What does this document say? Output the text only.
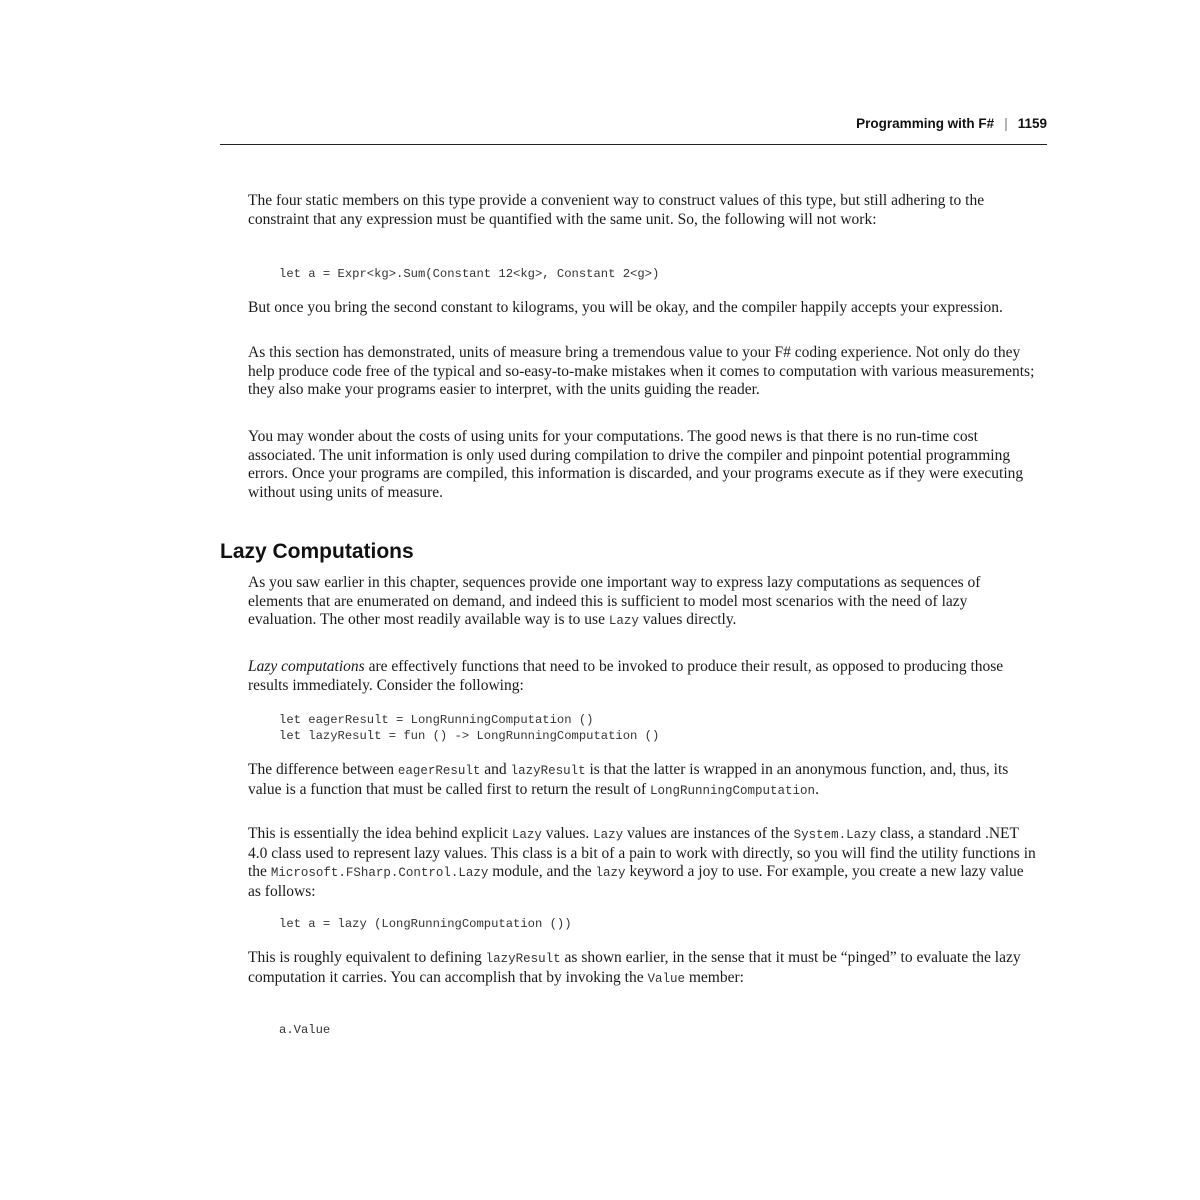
Programming with F# | 1159

The four static members on this type provide a convenient way to construct values of this type, but still adhering to the constraint that any expression must be quantified with the same unit. So, the following will not work:

let a = Expr<kg>.Sum(Constant 12<kg>, Constant 2<g>)

But once you bring the second constant to kilograms, you will be okay, and the compiler happily accepts your expression.

As this section has demonstrated, units of measure bring a tremendous value to your F# coding experience. Not only do they help produce code free of the typical and so-easy-to-make mistakes when it comes to computation with various measurements; they also make your programs easier to interpret, with the units guiding the reader.

You may wonder about the costs of using units for your computations. The good news is that there is no run-time cost associated. The unit information is only used during compilation to drive the compiler and pinpoint potential programming errors. Once your programs are compiled, this information is discarded, and your programs execute as if they were executing without using units of measure.

Lazy Computations

As you saw earlier in this chapter, sequences provide one important way to express lazy computations as sequences of elements that are enumerated on demand, and indeed this is sufficient to model most scenarios with the need of lazy evaluation. The other most readily available way is to use Lazy values directly.

Lazy computations are effectively functions that need to be invoked to produce their result, as opposed to producing those results immediately. Consider the following:

let eagerResult = LongRunningComputation ()
let lazyResult = fun () -> LongRunningComputation ()

The difference between eagerResult and lazyResult is that the latter is wrapped in an anonymous function, and, thus, its value is a function that must be called first to return the result of LongRunningComputation.

This is essentially the idea behind explicit Lazy values. Lazy values are instances of the System.​Lazy class, a standard .NET 4.0 class used to represent lazy values. This class is a bit of a pain to work with directly, so you will find the utility functions in the Microsoft.FSharp.Control.Lazy module, and the lazy keyword a joy to use. For example, you create a new lazy value as follows:

let a = lazy (LongRunningComputation ())

This is roughly equivalent to defining lazyResult as shown earlier, in the sense that it must be “pinged” to evaluate the lazy computation it carries. You can accomplish that by invoking the Value member:

a.Value
